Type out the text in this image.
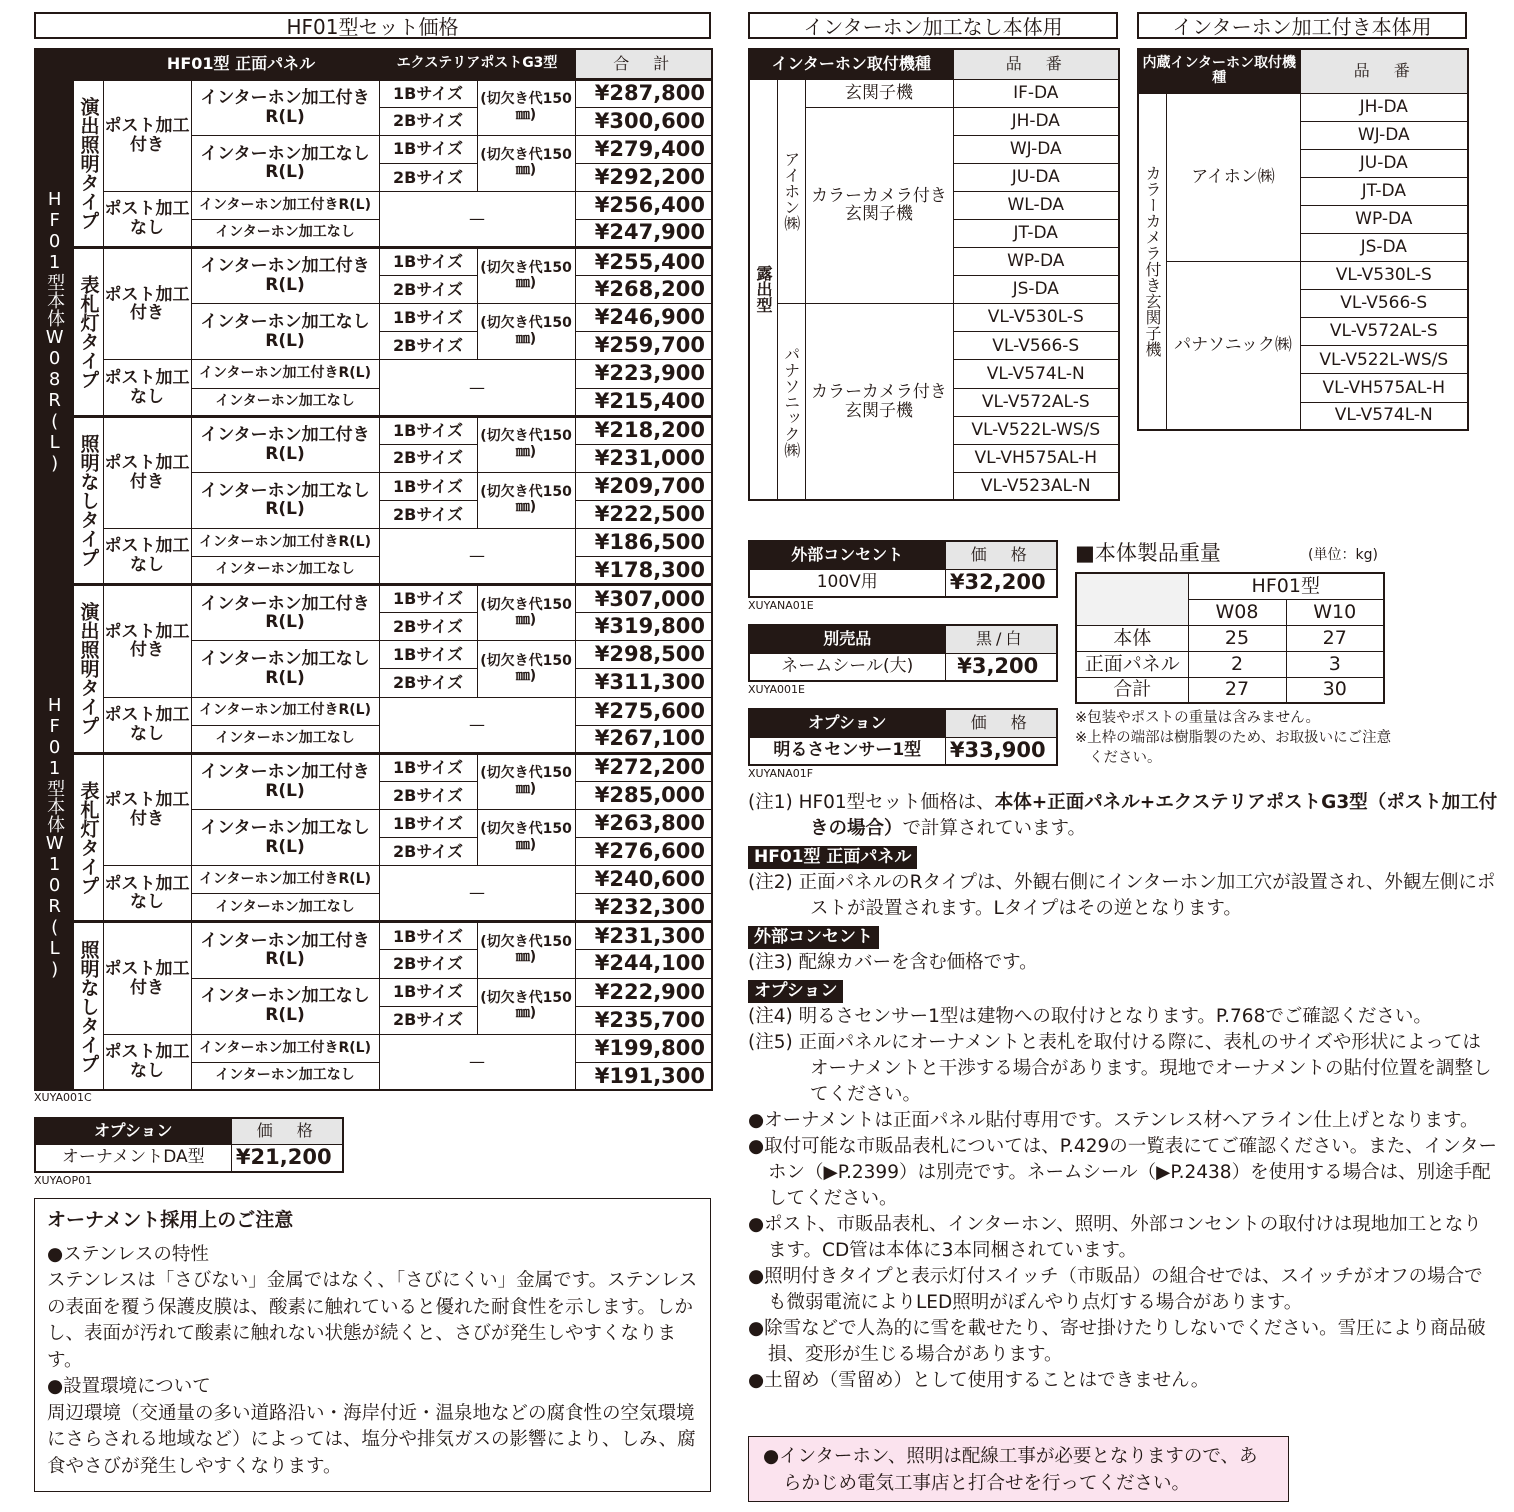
HF01型セット価格
		HF01型 正面パネル		エクステリアポストG3型		合　計
HF01型本体W08R(L)	演出照明タイプ	ポスト加工付き	インターホン加工付きR(L)	1Bサイズ	(切欠き代150㎜)	¥287,800
				2Bサイズ		¥300,600
			インターホン加工なしR(L)	1Bサイズ	(切欠き代150㎜)	¥279,400
				2Bサイズ		¥292,200
		ポスト加工なし	インターホン加工付きR(L)	—		¥256,400
			インターホン加工なし			¥247,900
	表札灯タイプ	ポスト加工付き	インターホン加工付きR(L)	1Bサイズ	(切欠き代150㎜)	¥255,400
				2Bサイズ		¥268,200
			インターホン加工なしR(L)	1Bサイズ	(切欠き代150㎜)	¥246,900
				2Bサイズ		¥259,700
		ポスト加工なし	インターホン加工付きR(L)	—		¥223,900
			インターホン加工なし			¥215,400
	照明なしタイプ	ポスト加工付き	インターホン加工付きR(L)	1Bサイズ	(切欠き代150㎜)	¥218,200
				2Bサイズ		¥231,000
			インターホン加工なしR(L)	1Bサイズ	(切欠き代150㎜)	¥209,700
				2Bサイズ		¥222,500
		ポスト加工なし	インターホン加工付きR(L)	—		¥186,500
			インターホン加工なし			¥178,300
HF01型本体W10R(L)	演出照明タイプ	ポスト加工付き	インターホン加工付きR(L)	1Bサイズ	(切欠き代150㎜)	¥307,000
				2Bサイズ		¥319,800
			インターホン加工なしR(L)	1Bサイズ	(切欠き代150㎜)	¥298,500
				2Bサイズ		¥311,300
		ポスト加工なし	インターホン加工付きR(L)	—		¥275,600
			インターホン加工なし			¥267,100
	表札灯タイプ	ポスト加工付き	インターホン加工付きR(L)	1Bサイズ	(切欠き代150㎜)	¥272,200
				2Bサイズ		¥285,000
			インターホン加工なしR(L)	1Bサイズ	(切欠き代150㎜)	¥263,800
				2Bサイズ		¥276,600
		ポスト加工なし	インターホン加工付きR(L)	—		¥240,600
			インターホン加工なし			¥232,300
	照明なしタイプ	ポスト加工付き	インターホン加工付きR(L)	1Bサイズ	(切欠き代150㎜)	¥231,300
				2Bサイズ		¥244,100
			インターホン加工なしR(L)	1Bサイズ	(切欠き代150㎜)	¥222,900
				2Bサイズ		¥235,700
		ポスト加工なし	インターホン加工付きR(L)	—		¥199,800
			インターホン加工なし			¥191,300
XUYA001C
オプション	価　格
オーナメントDA型	¥21,200
XUYAOP01
オーナメント採用上のご注意
●ステンレスの特性
ステンレスは「さびない」金属ではなく、「さびにくい」金属です。ステンレスの表面を覆う保護皮膜は、酸素に触れていると優れた耐食性を示します。しかし、表面が汚れて酸素に触れない状態が続くと、さびが発生しやすくなります。
●設置環境について
周辺環境（交通量の多い道路沿い・海岸付近・温泉地などの腐食性の空気環境にさらされる地域など）によっては、塩分や排気ガスの影響により、しみ、腐食やさびが発生しやすくなります。
インターホン加工なし本体用
インターホン取付機種			品　番
露出型	アイホン㈱	玄関子機	IF-DA
		カラーカメラ付き玄関子機	JH-DA
			WJ-DA
			JU-DA
			WL-DA
			JT-DA
			WP-DA
			JS-DA
	パナソニック㈱	カラーカメラ付き玄関子機	VL-V530L-S
			VL-V566-S
			VL-V574L-N
			VL-V572AL-S
			VL-V522L-WS/S
			VL-VH575AL-H
			VL-V523AL-N
インターホン加工付き本体用
内蔵インターホン取付機種		品　番
カラーカメラ付き玄関子機	アイホン㈱	JH-DA
		WJ-DA
		JU-DA
		JT-DA
		WP-DA
		JS-DA
	パナソニック㈱	VL-V530L-S
		VL-V566-S
		VL-V572AL-S
		VL-V522L-WS/S
		VL-VH575AL-H
		VL-V574L-N
外部コンセント	価　格
100V用	¥32,200
XUYANA01E
別売品	黒/白
ネームシール(大)	¥3,200
XUYA001E
オプション	価　格
明るさセンサー1型	¥33,900
XUYANA01F
■本体製品重量	(単位：kg)
	HF01型	
	W08	W10
本体	25	27
正面パネル	2	3
合計	27	30
※包装やポストの重量は含みません。
※上枠の端部は樹脂製のため、お取扱いにご注意ください。

(注1) HF01型セット価格は、本体+正面パネル+エクステリアポストG3型（ポスト加工付きの場合）で計算されています。

HF01型 正面パネル

(注2) 正面パネルのRタイプは、外観右側にインターホン加工穴が設置され、外観左側にポストが設置されます。Lタイプはその逆となります。

外部コンセント

(注3) 配線カバーを含む価格です。

オプション

(注4) 明るさセンサー1型は建物への取付けとなります。P.768でご確認ください。

(注5) 正面パネルにオーナメントと表札を取付ける際に、表札のサイズや形状によってはオーナメントと干渉する場合があります。現地でオーナメントの貼付位置を調整してください。

●オーナメントは正面パネル貼付専用です。ステンレス材ヘアライン仕上げとなります。

●取付可能な市販品表札については、P.429の一覧表にてご確認ください。また、インターホン（▶P.2399）は別売です。ネームシール（▶P.2438）を使用する場合は、別途手配してください。

●ポスト、市販品表札、インターホン、照明、外部コンセントの取付けは現地加工となります。CD管は本体に3本同梱されています。

●照明付きタイプと表示灯付スイッチ（市販品）の組合せでは、スイッチがオフの場合でも微弱電流によりLED照明がぼんやり点灯する場合があります。

●除雪などで人為的に雪を載せたり、寄せ掛けたりしないでください。雪圧により商品破損、変形が生じる場合があります。

●土留め（雪留め）として使用することはできません。

●インターホン、照明は配線工事が必要となりますので、あらかじめ電気工事店と打合せを行ってください。
